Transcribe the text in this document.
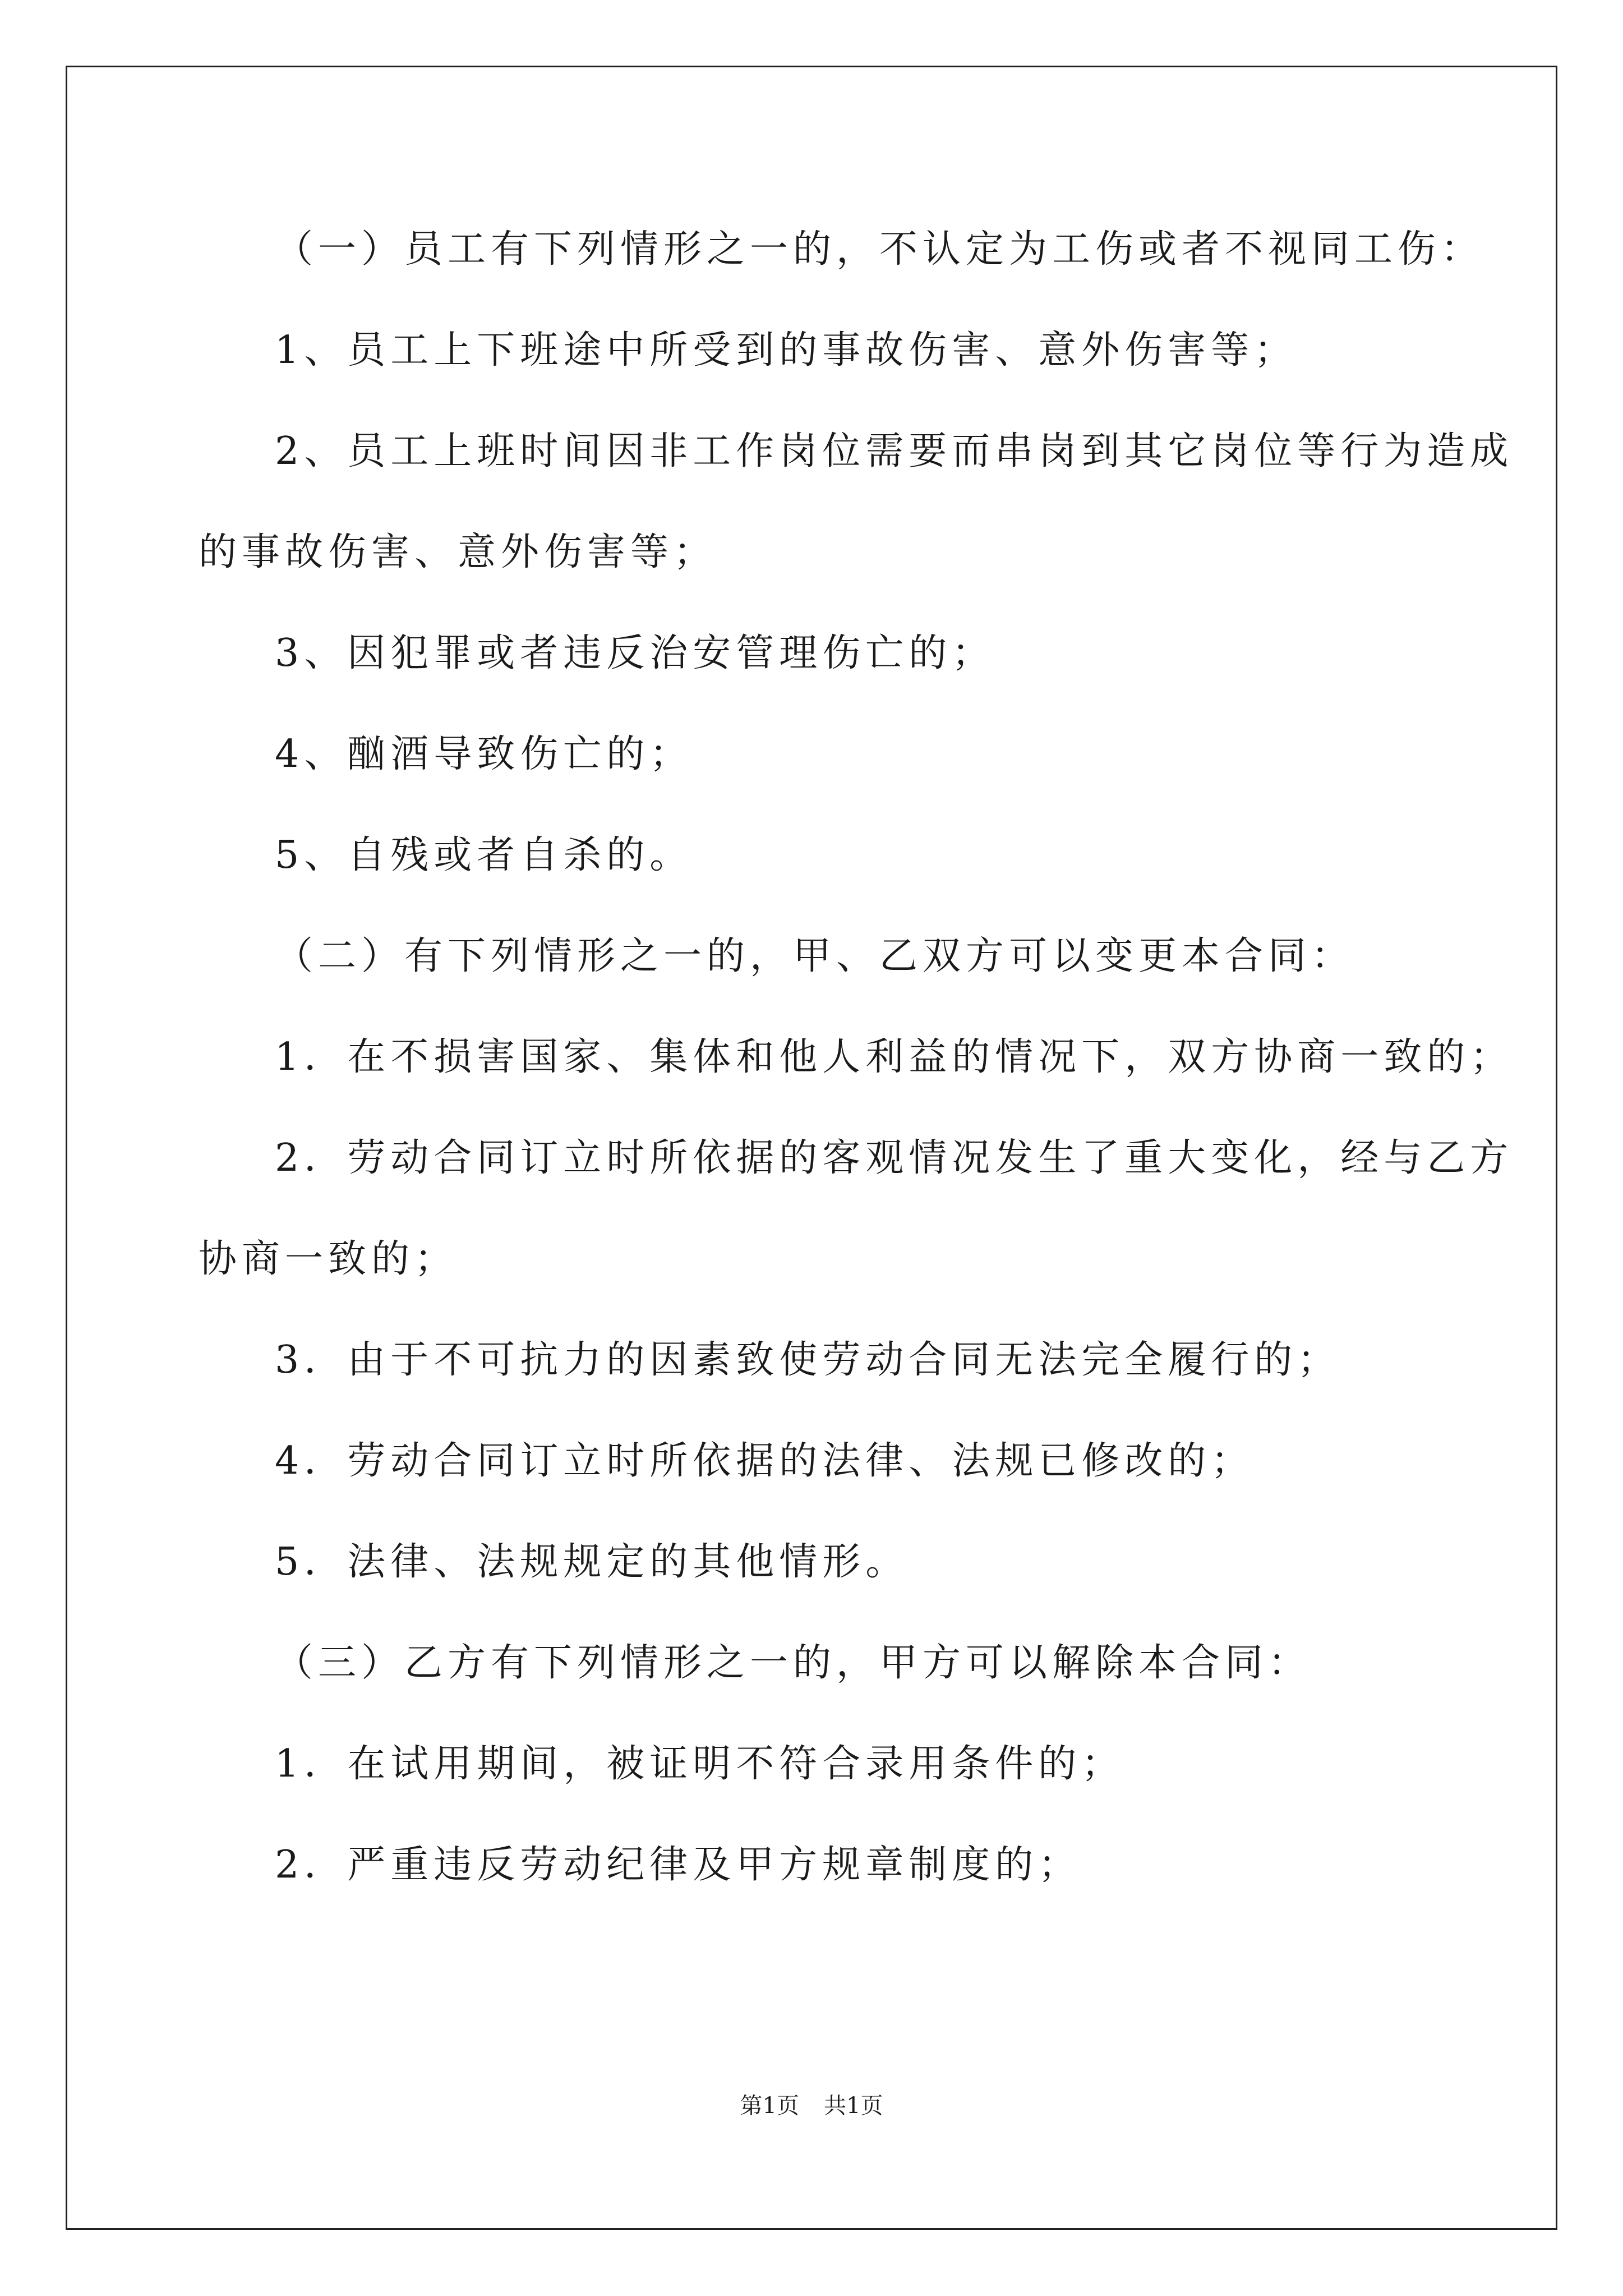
（一）员工有下列情形之一的，不认定为工伤或者不视同工伤：

1、员工上下班途中所受到的事故伤害、意外伤害等；

2、员工上班时间因非工作岗位需要而串岗到其它岗位等行为造成

的事故伤害、意外伤害等；

3、因犯罪或者违反治安管理伤亡的；

4、酗酒导致伤亡的；

5、自残或者自杀的。

（二）有下列情形之一的，甲、乙双方可以变更本合同：

1．在不损害国家、集体和他人利益的情况下，双方协商一致的；

2．劳动合同订立时所依据的客观情况发生了重大变化，经与乙方

协商一致的；

3．由于不可抗力的因素致使劳动合同无法完全履行的；

4．劳动合同订立时所依据的法律、法规已修改的；

5．法律、法规规定的其他情形。

（三）乙方有下列情形之一的，甲方可以解除本合同：

1．在试用期间，被证明不符合录用条件的；

2．严重违反劳动纪律及甲方规章制度的；

第1页 共1页
